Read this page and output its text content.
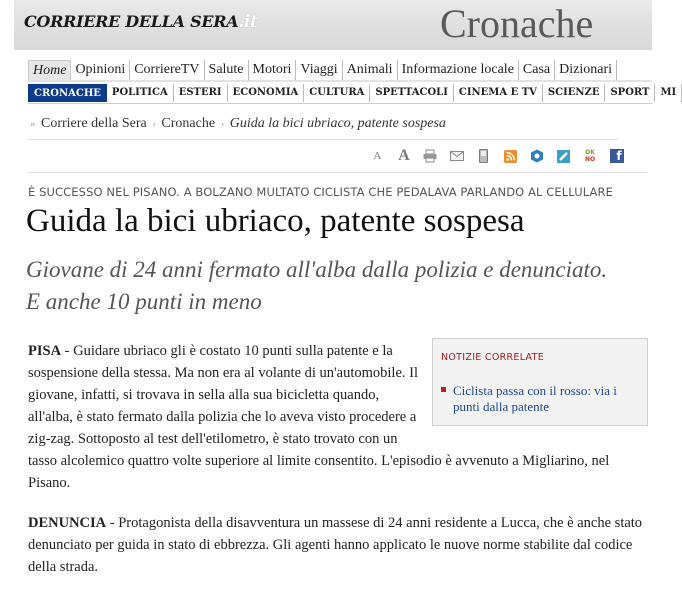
CORRIERE DELLA SERA.it	Cronache
Home Opinioni CorriereTV Salute Motori Viaggi Animali Informazione locale Casa Dizionari
CRONACHE	POLITICA	ESTERI	ECONOMIA	CULTURA	SPETTACOLI	CINEMA E TV	SCIENZE	SPORT	MI
» Corriere della Sera › Cronache › Guida la bici ubriaco, patente sospesa
A A	OK
NO	f
È SUCCESSO NEL PISANO. A BOLZANO MULTATO CICLISTA CHE PEDALAVA PARLANDO AL CELLULARE
Guida la bici ubriaco, patente sospesa
Giovane di 24 anni fermato all'alba dalla polizia e denunciato. E anche 10 punti in meno
NOTIZIE CORRELATE
Ciclista passa con il rosso: via i punti dalla patente

PISA - Guidare ubriaco gli è costato 10 punti sulla patente e la sospensione della stessa. Ma non era al volante di un'automobile. Il giovane, infatti, si trovava in sella alla sua bicicletta quando, all'alba, è stato fermato dalla polizia che lo aveva visto procedere a zig-zag. Sottoposto al test dell'etilometro, è stato trovato con un tasso alcolemico quattro volte superiore al limite consentito. L'episodio è avvenuto a Migliarino, nel Pisano.

DENUNCIA - Protagonista della disavventura un massese di 24 anni residente a Lucca, che è anche stato denunciato per guida in stato di ebbrezza. Gli agenti hanno applicato le nuove norme stabilite dal codice della strada.
